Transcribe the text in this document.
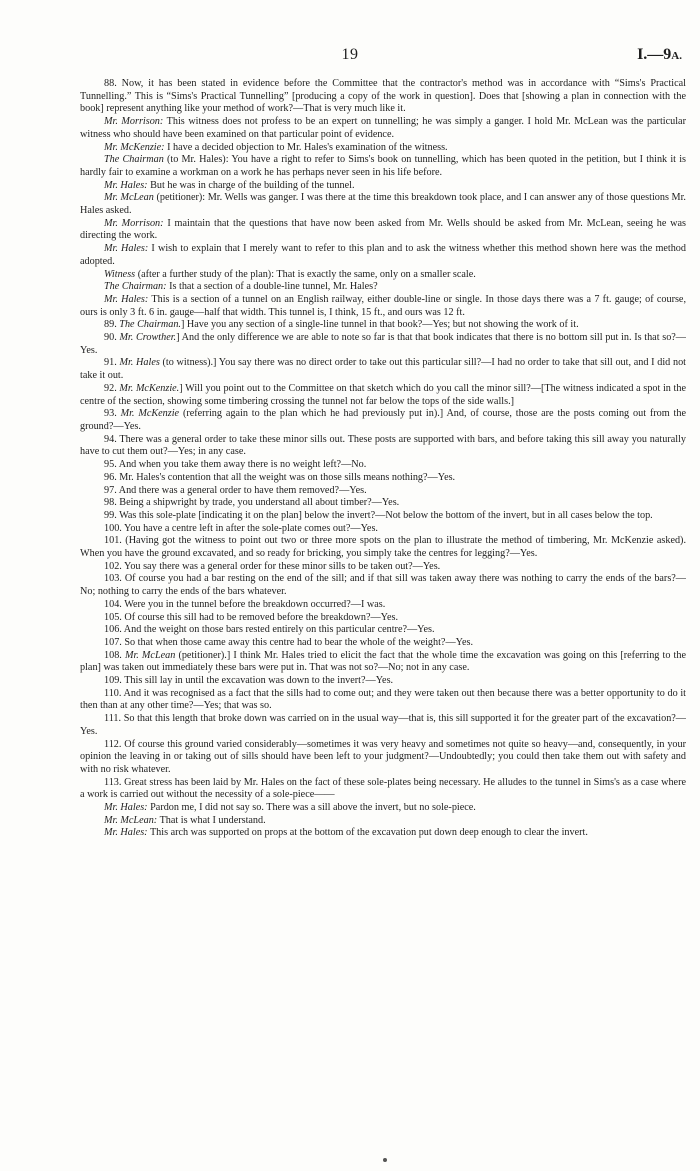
19	I.—9A.

88. Now, it has been stated in evidence before the Committee that the contractor's method was in accordance with “Sims's Practical Tunnelling.” This is “Sims's Practical Tunnelling” [producing a copy of the work in question]. Does that [showing a plan in connection with the book] represent anything like your method of work?—That is very much like it.

Mr. Morrison: This witness does not profess to be an expert on tunnelling; he was simply a ganger. I hold Mr. McLean was the particular witness who should have been examined on that particular point of evidence.

Mr. McKenzie: I have a decided objection to Mr. Hales's examination of the witness.

The Chairman (to Mr. Hales): You have a right to refer to Sims's book on tunnelling, which has been quoted in the petition, but I think it is hardly fair to examine a workman on a work he has perhaps never seen in his life before.

Mr. Hales: But he was in charge of the building of the tunnel.

Mr. McLean (petitioner): Mr. Wells was ganger. I was there at the time this breakdown took place, and I can answer any of those questions Mr. Hales asked.

Mr. Morrison: I maintain that the questions that have now been asked from Mr. Wells should be asked from Mr. McLean, seeing he was directing the work.

Mr. Hales: I wish to explain that I merely want to refer to this plan and to ask the witness whether this method shown here was the method adopted.

Witness (after a further study of the plan): That is exactly the same, only on a smaller scale.

The Chairman: Is that a section of a double-line tunnel, Mr. Hales?

Mr. Hales: This is a section of a tunnel on an English railway, either double-line or single. In those days there was a 7 ft. gauge; of course, ours is only 3 ft. 6 in. gauge—half that width. This tunnel is, I think, 15 ft., and ours was 12 ft.

89. The Chairman.] Have you any section of a single-line tunnel in that book?—Yes; but not showing the work of it.

90. Mr. Crowther.] And the only difference we are able to note so far is that that book indicates that there is no bottom sill put in. Is that so?—Yes.

91. Mr. Hales (to witness).] You say there was no direct order to take out this particular sill?—I had no order to take that sill out, and I did not take it out.

92. Mr. McKenzie.] Will you point out to the Committee on that sketch which do you call the minor sill?—[The witness indicated a spot in the centre of the section, showing some timbering crossing the tunnel not far below the tops of the side walls.]

93. Mr. McKenzie (referring again to the plan which he had previously put in).] And, of course, those are the posts coming out from the ground?—Yes.

94. There was a general order to take these minor sills out. These posts are supported with bars, and before taking this sill away you naturally have to cut them out?—Yes; in any case.

95. And when you take them away there is no weight left?—No.

96. Mr. Hales's contention that all the weight was on those sills means nothing?—Yes.

97. And there was a general order to have them removed?—Yes.

98. Being a shipwright by trade, you understand all about timber?—Yes.

99. Was this sole-plate [indicating it on the plan] below the invert?—Not below the bottom of the invert, but in all cases below the top.

100. You have a centre left in after the sole-plate comes out?—Yes.

101. (Having got the witness to point out two or three more spots on the plan to illustrate the method of timbering, Mr. McKenzie asked). When you have the ground excavated, and so ready for bricking, you simply take the centres for legging?—Yes.

102. You say there was a general order for these minor sills to be taken out?—Yes.

103. Of course you had a bar resting on the end of the sill; and if that sill was taken away there was nothing to carry the ends of the bars?—No; nothing to carry the ends of the bars whatever.

104. Were you in the tunnel before the breakdown occurred?—I was.

105. Of course this sill had to be removed before the breakdown?—Yes.

106. And the weight on those bars rested entirely on this particular centre?—Yes.

107. So that when those came away this centre had to bear the whole of the weight?—Yes.

108. Mr. McLean (petitioner).] I think Mr. Hales tried to elicit the fact that the whole time the excavation was going on this [referring to the plan] was taken out immediately these bars were put in. That was not so?—No; not in any case.

109. This sill lay in until the excavation was down to the invert?—Yes.

110. And it was recognised as a fact that the sills had to come out; and they were taken out then because there was a better opportunity to do it then than at any other time?—Yes; that was so.

111. So that this length that broke down was carried on in the usual way—that is, this sill supported it for the greater part of the excavation?—Yes.

112. Of course this ground varied considerably—sometimes it was very heavy and sometimes not quite so heavy—and, consequently, in your opinion the leaving in or taking out of sills should have been left to your judgment?—Undoubtedly; you could then take them out with safety and with no risk whatever.

113. Great stress has been laid by Mr. Hales on the fact of these sole-plates being necessary. He alludes to the tunnel in Sims's as a case where a work is carried out without the necessity of a sole-piece——

Mr. Hales: Pardon me, I did not say so. There was a sill above the invert, but no sole-piece.

Mr. McLean: That is what I understand.

Mr. Hales: This arch was supported on props at the bottom of the excavation put down deep enough to clear the invert.
